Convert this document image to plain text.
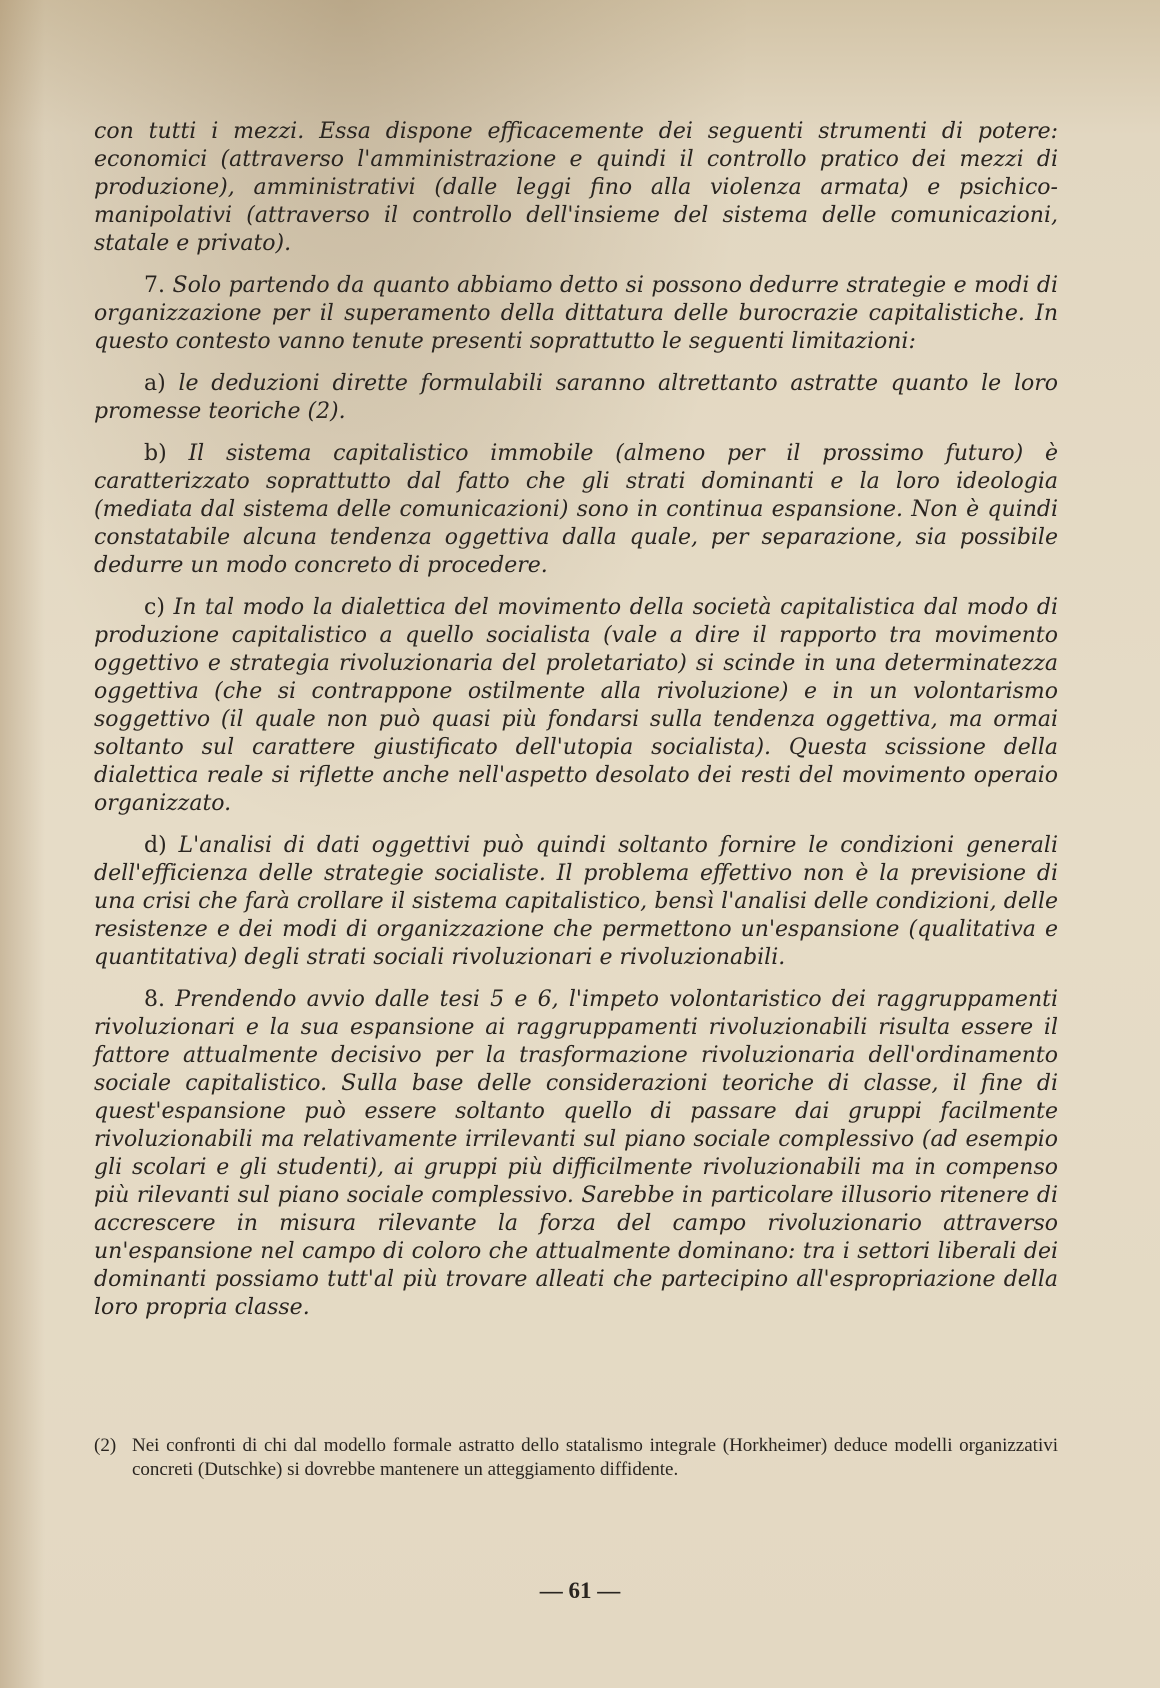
con tutti i mezzi. Essa dispone efficacemente dei seguenti strumenti di potere: economici (attraverso l'amministrazione e quindi il controllo pratico dei mezzi di produzione), amministrativi (dalle leggi fino alla violenza armata) e psichico-manipolativi (attraverso il controllo dell'insieme del sistema delle comunicazioni, statale e privato).

7. Solo partendo da quanto abbiamo detto si possono dedurre strategie e modi di organizzazione per il superamento della dittatura delle burocrazie capitalistiche. In questo contesto vanno tenute presenti soprattutto le seguenti limitazioni:

a) le deduzioni dirette formulabili saranno altrettanto astratte quanto le loro promesse teoriche (2).

b) Il sistema capitalistico immobile (almeno per il prossimo futuro) è caratterizzato soprattutto dal fatto che gli strati dominanti e la loro ideologia (mediata dal sistema delle comunicazioni) sono in continua espansione. Non è quindi constatabile alcuna tendenza oggettiva dalla quale, per separazione, sia possibile dedurre un modo concreto di procedere.

c) In tal modo la dialettica del movimento della società capitalistica dal modo di produzione capitalistico a quello socialista (vale a dire il rapporto tra movimento oggettivo e strategia rivoluzionaria del proletariato) si scinde in una determinatezza oggettiva (che si contrappone ostilmente alla rivoluzione) e in un volontarismo soggettivo (il quale non può quasi più fondarsi sulla tendenza oggettiva, ma ormai soltanto sul carattere giustificato dell'utopia socialista). Questa scissione della dialettica reale si riflette anche nell'aspetto desolato dei resti del movimento operaio organizzato.

d) L'analisi di dati oggettivi può quindi soltanto fornire le condizioni generali dell'efficienza delle strategie socialiste. Il problema effettivo non è la previsione di una crisi che farà crollare il sistema capitalistico, bensì l'analisi delle condizioni, delle resistenze e dei modi di organizzazione che permettono un'espansione (qualitativa e quantitativa) degli strati sociali rivoluzionari e rivoluzionabili.

8. Prendendo avvio dalle tesi 5 e 6, l'impeto volontaristico dei raggruppamenti rivoluzionari e la sua espansione ai raggruppamenti rivoluzionabili risulta essere il fattore attualmente decisivo per la trasformazione rivoluzionaria dell'ordinamento sociale capitalistico. Sulla base delle considerazioni teoriche di classe, il fine di quest'espansione può essere soltanto quello di passare dai gruppi facilmente rivoluzionabili ma relativamente irrilevanti sul piano sociale complessivo (ad esempio gli scolari e gli studenti), ai gruppi più difficilmente rivoluzionabili ma in compenso più rilevanti sul piano sociale complessivo. Sarebbe in particolare illusorio ritenere di accrescere in misura rilevante la forza del campo rivoluzionario attraverso un'espansione nel campo di coloro che attualmente dominano: tra i settori liberali dei dominanti possiamo tutt'al più trovare alleati che partecipino all'espropriazione della loro propria classe.

(2) Nei confronti di chi dal modello formale astratto dello statalismo integrale (Horkheimer) deduce modelli organizzativi concreti (Dutschke) si dovrebbe mantenere un atteggiamento diffidente.
— 61 —
